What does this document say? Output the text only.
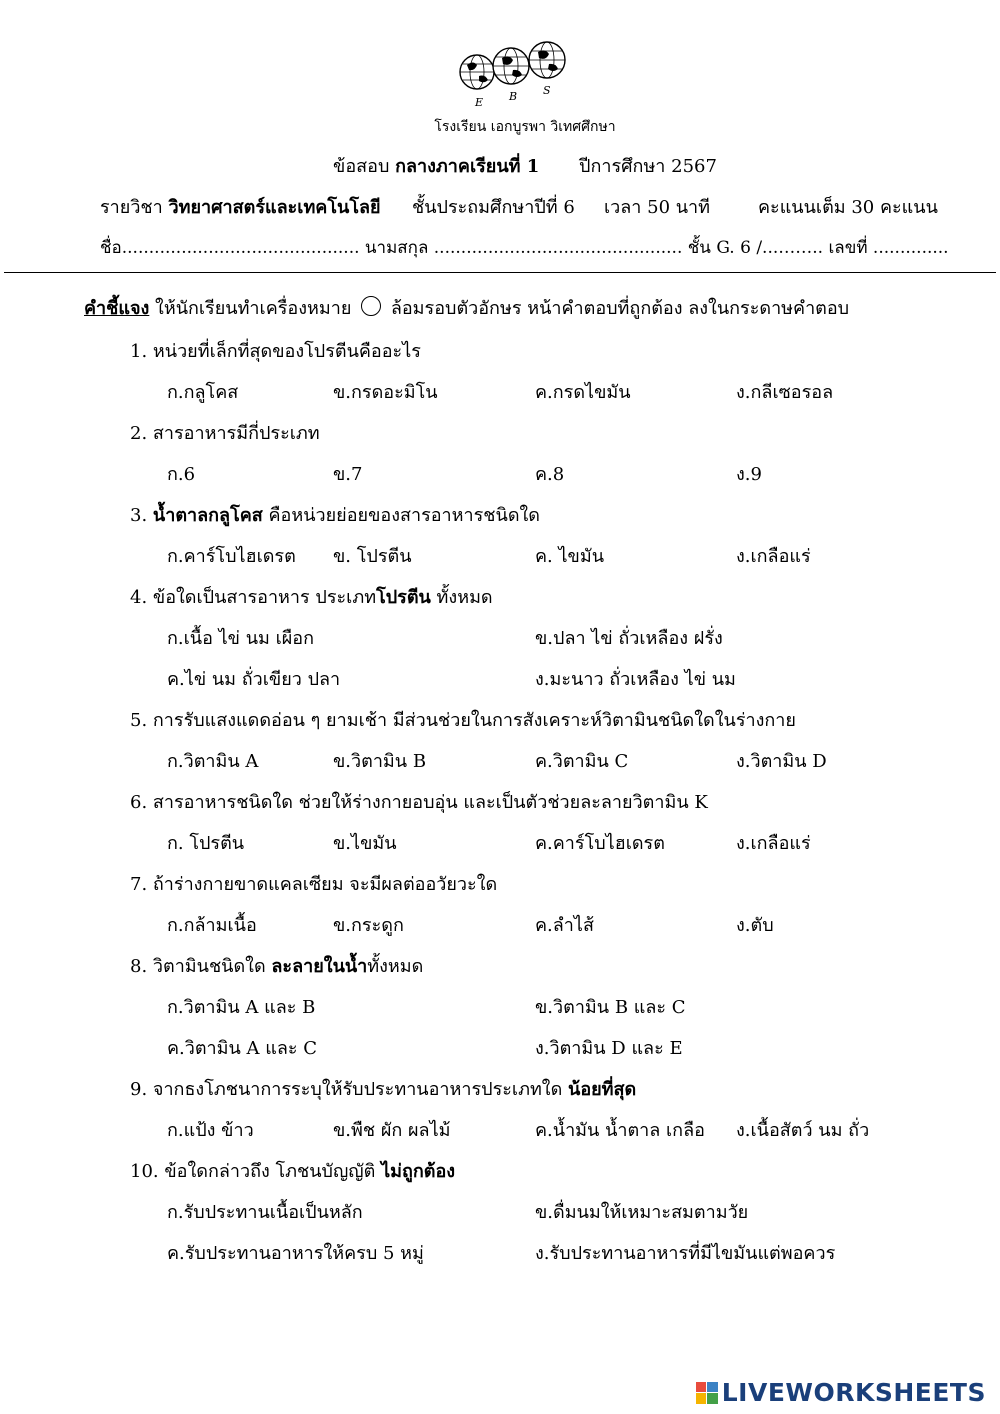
E B S
โรงเรียน เอกบูรพา วิเทศศึกษา
ข้อสอบ กลางภาคเรียนที่ 1 ปีการศึกษา 2567
รายวิชา วิทยาศาสตร์และเทคโนโลยี ชั้นประถมศึกษาปีที่ 6 เวลา 50 นาที	คะแนนเต็ม 30 คะแนน
ชื่อ............................................ นามสกุล .............................................. ชั้น G. 6 /...…….. เลขที่ ..............
คำชี้แจง ให้นักเรียนทำเครื่องหมาย ○ ล้อมรอบตัวอักษร หน้าคำตอบที่ถูกต้อง ลงในกระดาษคำตอบ
1. หน่วยที่เล็กที่สุดของโปรตีนคืออะไร
ก.กลูโคส	ข.กรดอะมิโน	ค.กรดไขมัน	ง.กลีเซอรอล
2. สารอาหารมีกี่ประเภท
ก.6	ข.7	ค.8	ง.9
3. น้ำตาลกลูโคส คือหน่วยย่อยของสารอาหารชนิดใด
ก.คาร์โบไฮเดรต ข. โปรตีน	ค. ไขมัน	ง.เกลือแร่
4. ข้อใดเป็นสารอาหาร ประเภทโปรตีน ทั้งหมด
ก.เนื้อ ไข่ นม เผือก	ข.ปลา ไข่ ถั่วเหลือง ฝรั่ง
ค.ไข่ นม ถั่วเขียว ปลา	ง.มะนาว ถั่วเหลือง ไข่ นม
5. การรับแสงแดดอ่อน ๆ ยามเช้า มีส่วนช่วยในการสังเคราะห์วิตามินชนิดใดในร่างกาย
ก.วิตามิน A	ข.วิตามิน B	ค.วิตามิน C	ง.วิตามิน D
6. สารอาหารชนิดใด ช่วยให้ร่างกายอบอุ่น และเป็นตัวช่วยละลายวิตามิน K
ก. โปรตีน	ข.ไขมัน	ค.คาร์โบไฮเดรต	ง.เกลือแร่
7. ถ้าร่างกายขาดแคลเซียม จะมีผลต่ออวัยวะใด
ก.กล้ามเนื้อ	ข.กระดูก	ค.ลำไส้	ง.ตับ
8. วิตามินชนิดใด ละลายในน้ำทั้งหมด
ก.วิตามิน A และ B	ข.วิตามิน B และ C
ค.วิตามิน A และ C	ง.วิตามิน D และ E
9. จากธงโภชนาการระบุให้รับประทานอาหารประเภทใด น้อยที่สุด
ก.แป้ง ข้าว	ข.พืช ผัก ผลไม้	ค.น้ำมัน น้ำตาล เกลือ ง.เนื้อสัตว์ นม ถั่ว
10. ข้อใดกล่าวถึง โภชนบัญญัติ ไม่ถูกต้อง
ก.รับประทานเนื้อเป็นหลัก	ข.ดื่มนมให้เหมาะสมตามวัย
ค.รับประทานอาหารให้ครบ 5 หมู่	ง.รับประทานอาหารที่มีไขมันแต่พอควร
LIVEWORKSHEETS
